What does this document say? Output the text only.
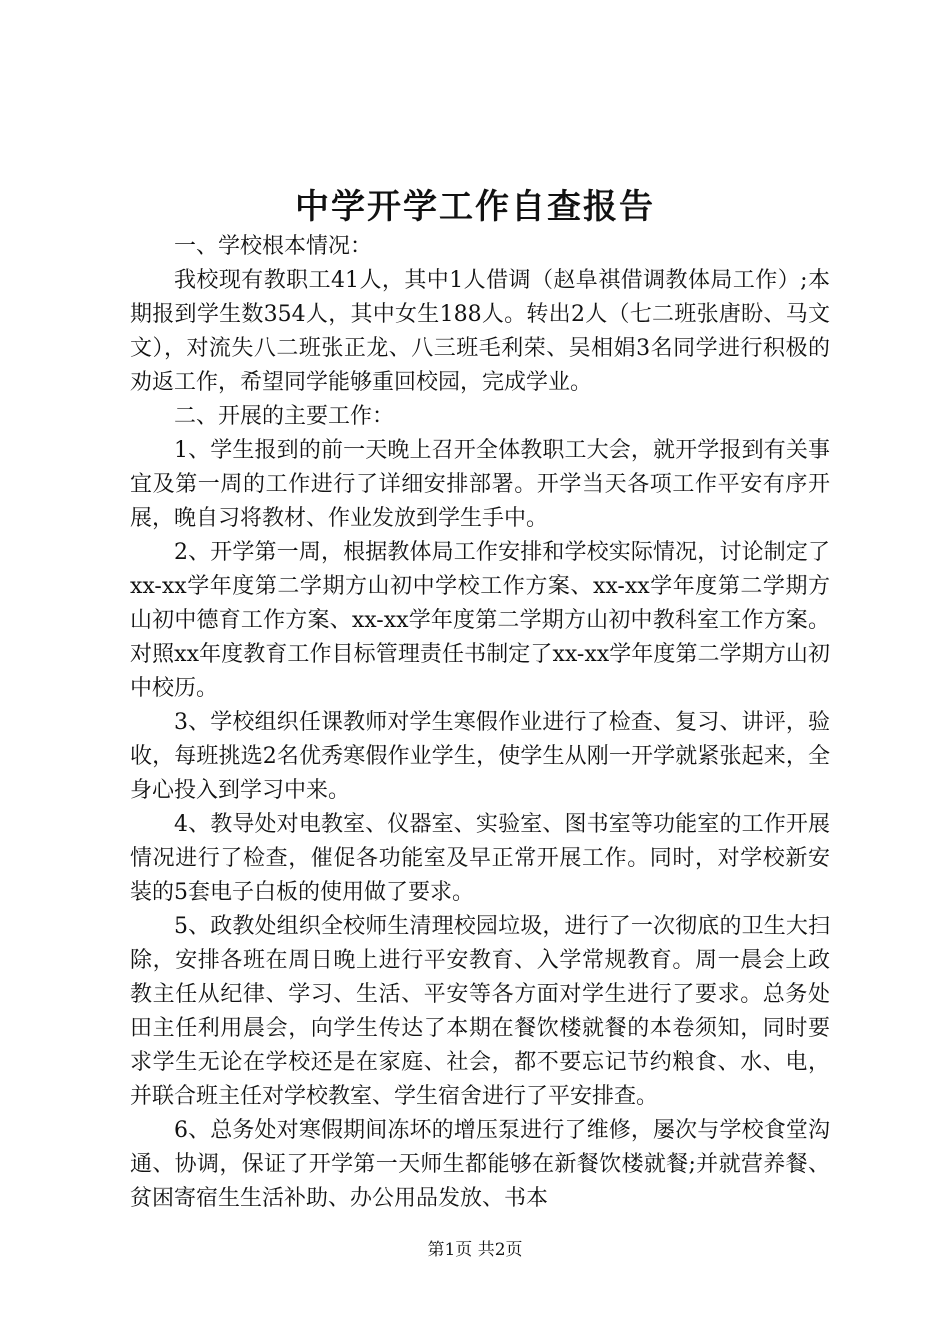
中学开学工作自查报告

一、学校根本情况：

我校现有教职工41人，其中1人借调（赵阜祺借调教体局工作）;本期报到学生数354人，其中女生188人。转出2人（七二班张唐盼、马文文），对流失八二班张正龙、八三班毛利荣、吴相娟3名同学进行积极的劝返工作，希望同学能够重回校园，完成学业。

二、开展的主要工作：

1、学生报到的前一天晚上召开全体教职工大会，就开学报到有关事宜及第一周的工作进行了详细安排部署。开学当天各项工作平安有序开展，晚自习将教材、作业发放到学生手中。

2、开学第一周，根据教体局工作安排和学校实际情况，讨论制定了xx-xx学年度第二学期方山初中学校工作方案、xx-xx学年度第二学期方山初中德育工作方案、xx-xx学年度第二学期方山初中教科室工作方案。对照xx年度教育工作目标管理责任书制定了xx-xx学年度第二学期方山初中校历。

3、学校组织任课教师对学生寒假作业进行了检查、复习、讲评，验收，每班挑选2名优秀寒假作业学生，使学生从刚一开学就紧张起来，全身心投入到学习中来。

4、教导处对电教室、仪器室、实验室、图书室等功能室的工作开展情况进行了检查，催促各功能室及早正常开展工作。同时，对学校新安装的5套电子白板的使用做了要求。

5、政教处组织全校师生清理校园垃圾，进行了一次彻底的卫生大扫除，安排各班在周日晚上进行平安教育、入学常规教育。周一晨会上政教主任从纪律、学习、生活、平安等各方面对学生进行了要求。总务处田主任利用晨会，向学生传达了本期在餐饮楼就餐的本卷须知，同时要求学生无论在学校还是在家庭、社会，都不要忘记节约粮食、水、电，并联合班主任对学校教室、学生宿舍进行了平安排查。

6、总务处对寒假期间冻坏的增压泵进行了维修，屡次与学校食堂沟通、协调，保证了开学第一天师生都能够在新餐饮楼就餐;并就营养餐、贫困寄宿生生活补助、办公用品发放、书本

第1页 共2页
